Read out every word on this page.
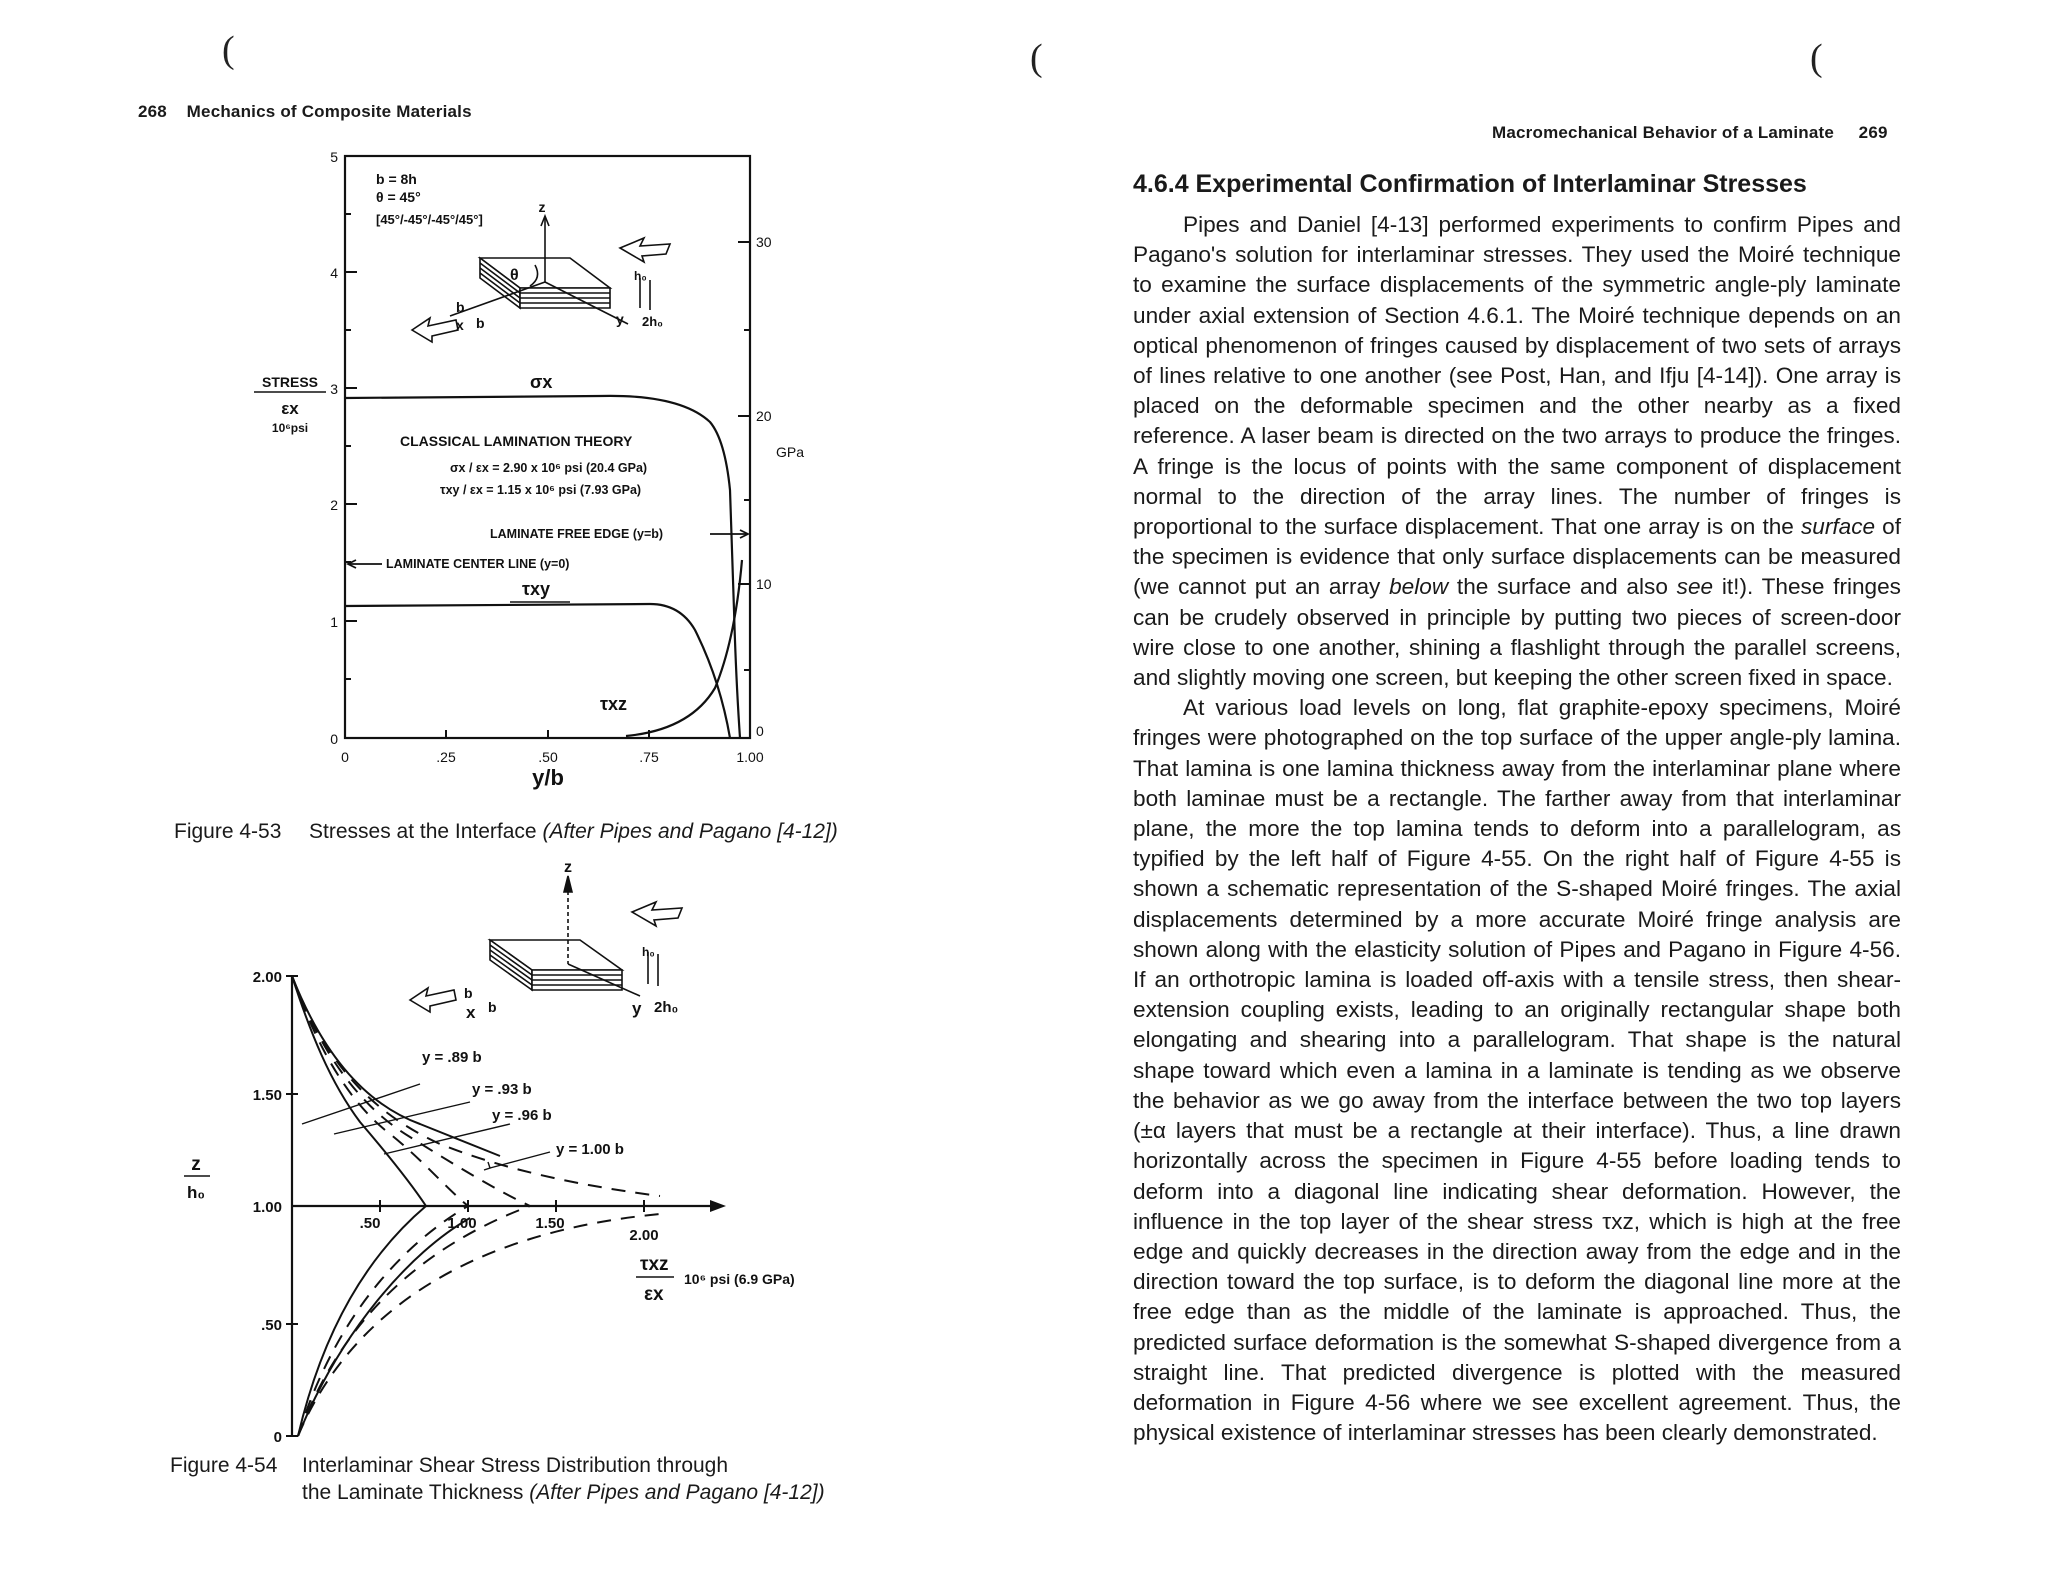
(	(	(
268 Mechanics of Composite Materials
0
1
2
3
4
5
0
10
20
30
GPa
0	.25	.50	.75	1.00
y/b
STRESS
εx
10⁶psi
b = 8h
θ = 45°
[45°/-45°/-45°/45°]
z
θ	h₀
b
x b	y 2h₀
σx
CLASSICAL LAMINATION THEORY
σx / εx = 2.90 x 10⁶ psi (20.4 GPa)
τxy / εx = 1.15 x 10⁶ psi (7.93 GPa)
LAMINATE FREE EDGE (y=b)
LAMINATE CENTER LINE (y=0)
τxy
τxz
Figure 4-53 Stresses at the Interface (After Pipes and Pagano [4-12])
0
.50
1.00
1.50
2.00
.50	1.00	1.50
2.00
z
h₀
z
h₀
b
x b	y 2h₀
y = .89 b
y = .93 b
y = .96 b
y = 1.00 b
τxz
εx
10⁶ psi (6.9 GPa)
Figure 4-54 Interlaminar Shear Stress Distribution through
the Laminate Thickness (After Pipes and Pagano [4-12])
Macromechanical Behavior of a Laminate 269
4.6.4 Experimental Confirmation of Interlaminar Stresses

Pipes and Daniel [4-13] performed experiments to confirm Pipes and Pagano's solution for interlaminar stresses. They used the Moiré technique to examine the surface displacements of the symmetric angle-ply laminate under axial extension of Section 4.6.1. The Moiré technique depends on an optical phenomenon of fringes caused by displacement of two sets of arrays of lines relative to one another (see Post, Han, and Ifju [4-14]). One array is placed on the deformable specimen and the other nearby as a fixed reference. A laser beam is directed on the two arrays to produce the fringes. A fringe is the locus of points with the same component of displacement normal to the direction of the array lines. The number of fringes is proportional to the surface displacement. That one array is on the surface of the specimen is evidence that only surface displacements can be measured (we cannot put an array below the surface and also see it!). These fringes can be crudely observed in principle by putting two pieces of screen-door wire close to one another, shining a flashlight through the parallel screens, and slightly moving one screen, but keeping the other screen fixed in space.

At various load levels on long, flat graphite-epoxy specimens, Moiré fringes were photographed on the top surface of the upper angle-ply lamina. That lamina is one lamina thickness away from the interlaminar plane where both laminae must be a rectangle. The farther away from that interlaminar plane, the more the top lamina tends to deform into a parallelogram, as typified by the left half of Figure 4-55. On the right half of Figure 4-55 is shown a schematic representation of the S-shaped Moiré fringes. The axial displacements determined by a more accurate Moiré fringe analysis are shown along with the elasticity solution of Pipes and Pagano in Figure 4-56. If an orthotropic lamina is loaded off-axis with a tensile stress, then shear-extension coupling exists, leading to an originally rectangular shape both elongating and shearing into a parallelogram. That shape is the natural shape toward which even a lamina in a laminate is tending as we observe the behavior as we go away from the interface between the two top layers (±α layers that must be a rectangle at their interface). Thus, a line drawn horizontally across the specimen in Figure 4-55 before loading tends to deform into a diagonal line indicating shear deformation. However, the influence in the top layer of the shear stress τxz, which is high at the free edge and quickly decreases in the direction away from the edge and in the direction toward the top surface, is to deform the diagonal line more at the free edge than as the middle of the laminate is approached. Thus, the predicted surface deformation is the somewhat S-shaped divergence from a straight line. That predicted divergence is plotted with the measured deformation in Figure 4-56 where we see excellent agreement. Thus, the physical existence of interlaminar stresses has been clearly demonstrated.
